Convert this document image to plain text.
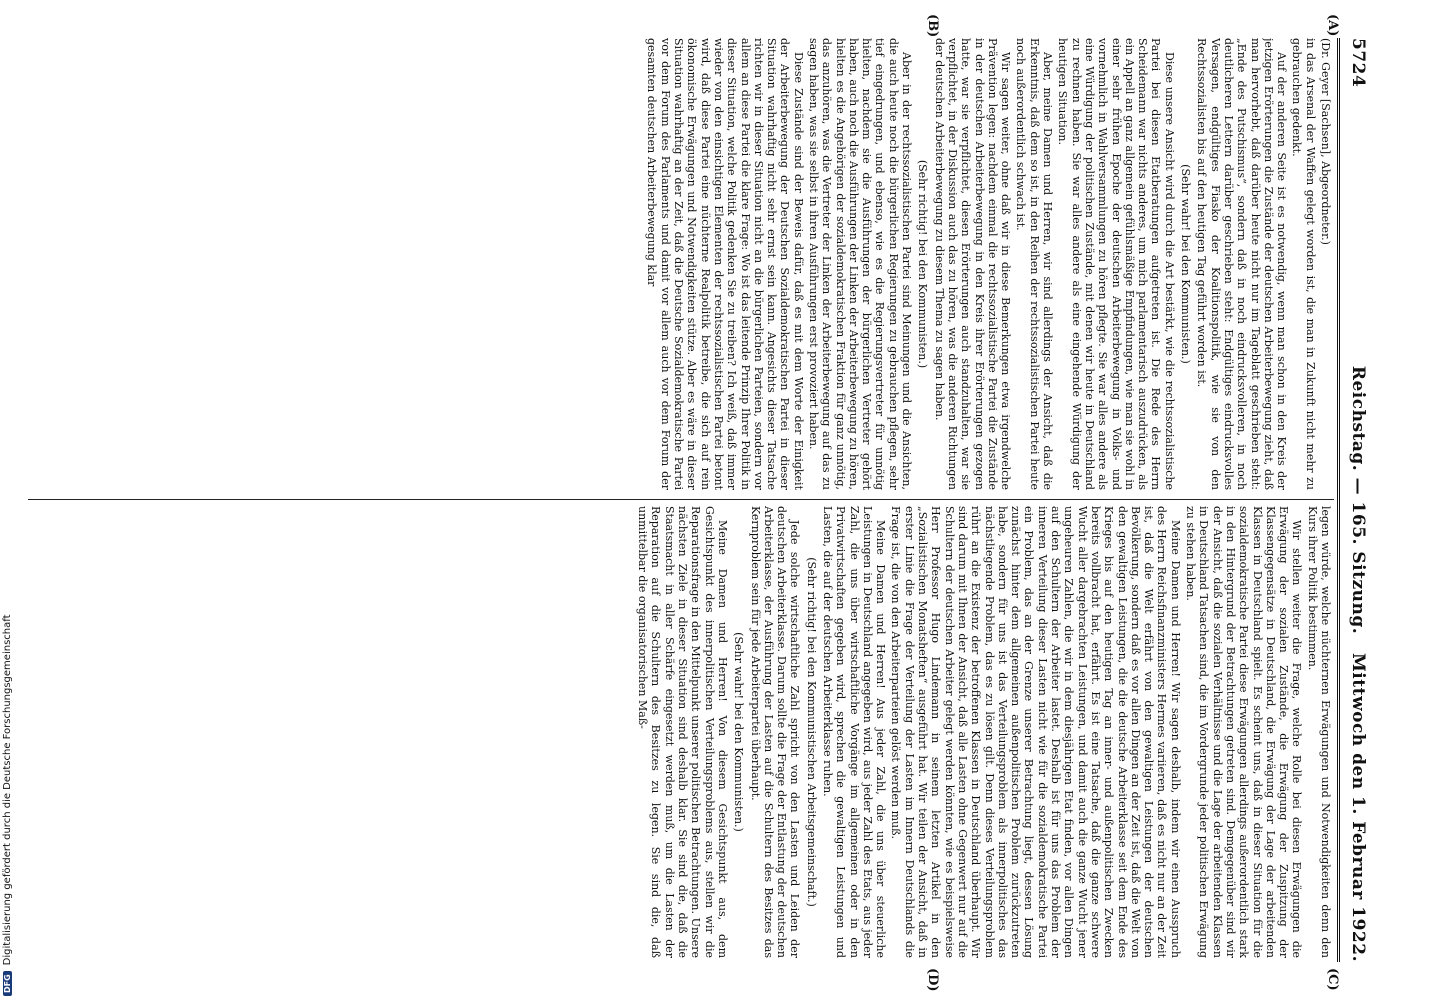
5724
Reichstag. — 165. Sitzung.
Mittwoch den 1. Februar 1922.
(A)
(B)
(C)
(D)

(Dr. Geyer [Sachsen], Abgeordneter.)

in das Arsenal der Waffen gelegt worden ist, die man in Zukunft nicht mehr zu gebrauchen gedenkt.

Auf der anderen Seite ist es notwendig, wenn man schon in den Kreis der jetzigen Erörterungen die Zustände der deutschen Arbeiterbewegung zieht, daß man hervorhebt, daß darüber heute nicht nur im Tageblatt geschrieben steht: „Ende des Putschismus“, sondern daß in noch eindrucksvolleren, in noch deutlicheren Lettern darüber geschrieben steht: Endgültiges eindrucksvolles Versagen, endgültiges Fiasko der Koalitionspolitik, wie sie von den Rechtssozialisten bis auf den heutigen Tag geführt worden ist.

(Sehr wahr! bei den Kommunisten.)

Diese unsere Ansicht wird durch die Art bestärkt, wie die rechtssozialistische Partei bei diesen Etatberatungen aufgetreten ist. Die Rede des Herrn Scheidemann war nichts anderes, um mich parlamentarisch auszudrücken, als ein Appell an ganz allgemein gefühlsmäßige Empfindungen, wie man sie wohl in einer sehr frühen Epoche der deutschen Arbeiterbewegung in Volks- und vornehmlich in Wahlversammlungen zu hören pflegte. Sie war alles andere als eine Würdigung der politischen Zustände, mit denen wir heute in Deutschland zu rechnen haben. Sie war alles andere als eine eingehende Würdigung der heutigen Situation.

Aber, meine Damen und Herren, wir sind allerdings der Ansicht, daß die Erkenntnis, daß dem so ist, in den Reihen der rechtssozialistischen Partei heute noch außerordentlich schwach ist.

Wir sagen weiter, ohne daß wir in diese Bemerkungen etwa irgendwelche Prävention legen: nachdem einmal die rechtssozialistische Partei die Zustände in der deutschen Arbeiterbewegung in den Kreis ihrer Erörterungen gezogen hatte, war sie verpflichtet, diesen Erörterungen auch standzuhalten, war sie verpflichtet, in der Diskussion auch das zu hören, was die anderen Richtungen der deutschen Arbeiterbewegung zu diesem Thema zu sagen haben.

(Sehr richtig! bei den Kommunisten.)

Aber in der rechtssozialistischen Partei sind Meinungen und die Ansichten, die auch heute noch die bürgerlichen Regierungen zu gebrauchen pflegen, sehr tief eingedrungen, und ebenso, wie es die Regierungsvertreter für unnötig hielten, nachdem sie die Ausführungen der bürgerlichen Vertreter gehört haben, auch noch die Ausführungen der Linken der Arbeiterbewegung zu hören, hielten es die Angehörigen der sozialdemokratischen Fraktion für ganz unnötig, das anzuhören, was die Vertreter der Linken der Arbeiterbewegung auf das zu sagen haben, was sie selbst in ihren Ausführungen erst provoziert haben.

Diese Zustände sind der Beweis dafür, daß es mit dem Worte der Einigkeit der Arbeiterbewegung der Deutschen Sozialdemokratischen Partei in dieser Situation wahrhaftig nicht sehr ernst sein kann. Angesichts dieser Tatsache richten wir in dieser Situation nicht an die bürgerlichen Parteien, sondern vor allem an diese Partei die klare Frage: Wo ist das leitende Prinzip Ihrer Politik in dieser Situation, welche Politik gedenken Sie zu treiben? Ich weiß, daß immer wieder von den einsichtigen Elementen der rechtssozialistischen Partei betont wird, daß diese Partei eine nüchterne Realpolitik betreibe, die sich auf rein ökonomische Erwägungen und Notwendigkeiten stütze. Aber es wäre in dieser Situation wahrhaftig an der Zeit, daß die Deutsche Sozialdemokratische Partei vor dem Forum des Parlaments und damit vor allem auch vor dem Forum der gesamten deutschen Arbeiterbewegung klar

legen würde, welche nüchternen Erwägungen und Notwendigkeiten denn den Kurs ihrer Politik bestimmen.

Wir stellen weiter die Frage, welche Rolle bei diesen Erwägungen die Erwägung der sozialen Zustände, die Erwägung der Zuspitzung der Klassengegensätze in Deutschland, die Erwägung der Lage der arbeitenden Klassen in Deutschland spielt. Es scheint uns, daß in dieser Situation für die sozialdemokratische Partei diese Erwägungen allerdings außerordentlich stark in den Hintergrund der Betrachtungen getreten sind. Demgegenüber sind wir der Ansicht, daß die sozialen Verhältnisse und die Lage der arbeitenden Klassen in Deutschland Tatsachen sind, die im Vordergrunde jeder politischen Erwägung zu stehen haben.

Meine Damen und Herren! Wir sagen deshalb, indem wir einen Ausspruch des Herrn Reichsfinanzministers Hermes variieren, daß es nicht nur an der Zeit ist, daß die Welt erfährt von den gewaltigen Leistungen der deutschen Bevölkerung, sondern daß es vor allen Dingen an der Zeit ist, daß die Welt von den gewaltigen Leistungen, die die deutsche Arbeiterklasse seit dem Ende des Krieges bis auf den heutigen Tag an inner- und außenpolitischen Zwecken bereits vollbracht hat, erfährt. Es ist eine Tatsache, daß die ganze schwere Wucht aller dargebrachten Leistungen, und damit auch die ganze Wucht jener ungeheuren Zahlen, die wir in dem diesjährigen Etat finden, vor allen Dingen auf den Schultern der Arbeiter lastet. Deshalb ist für uns das Problem der inneren Verteilung dieser Lasten nicht wie für die sozialdemokratische Partei ein Problem, das an der Grenze unserer Betrachtung liegt, dessen Lösung zunächst hinter dem allgemeinen außenpolitischen Problem zurückzutreten habe, sondern für uns ist das Verteilungsproblem als innerpolitisches das nächstliegende Problem, das es zu lösen gilt. Denn dieses Verteilungsproblem rührt an die Existenz der betroffenen Klassen in Deutschland überhaupt. Wir sind darum mit Ihnen der Ansicht, daß alle Lasten ohne Gegenwert nur auf die Schultern der deutschen Arbeiter gelegt werden könnten, wie es beispielsweise Herr Professor Hugo Lindemann in seinem letzten Artikel in den „Sozialistischen Monatsheften“ ausgeführt hat. Wir teilen der Ansicht, daß in erster Linie die Frage der Verteilung der Lasten im Innern Deutschlands die Frage ist, die von den Arbeiterparteien gelöst werden muß.

Meine Damen und Herren! Aus jeder Zahl, die uns über steuerliche Leistungen in Deutschland angegeben wird, aus jeder Zahl des Etats, aus jeder Zahl, die uns über wirtschaftliche Vorgänge im allgemeinen oder in den Privatwirtschaften gegeben wird, sprechen die gewaltigen Leistungen und Lasten, die auf der deutschen Arbeiterklasse ruhen.

(Sehr richtig! bei den Kommunistischen Arbeitsgemeinschaft.)

Jede solche wirtschaftliche Zahl spricht von den Lasten und Leiden der deutschen Arbeiterklasse. Darum sollte die Frage der Entlastung der deutschen Arbeiterklasse, der Ausführung der Lasten auf die Schultern des Besitzes das Kernproblem sein für jede Arbeiterpartei überhaupt.

(Sehr wahr! bei den Kommunisten.)

Meine Damen und Herren! Von diesem Gesichtspunkt aus, dem Gesichtspunkt des innerpolitischen Verteilungsproblems aus, stellen wir die Reparationsfrage in den Mittelpunkt unserer politischen Betrachtungen. Unsere nächsten Ziele in dieser Situation sind deshalb klar. Sie sind die, daß die Staatsmacht in aller Schärfe eingesetzt werden muß, um die Lasten der Reparation auf die Schultern des Besitzes zu legen. Sie sind die, daß unmittelbar die organisatorischen Maß-

DFGDigitalisierung gefördert durch die Deutsche Forschungsgemeinschaft
